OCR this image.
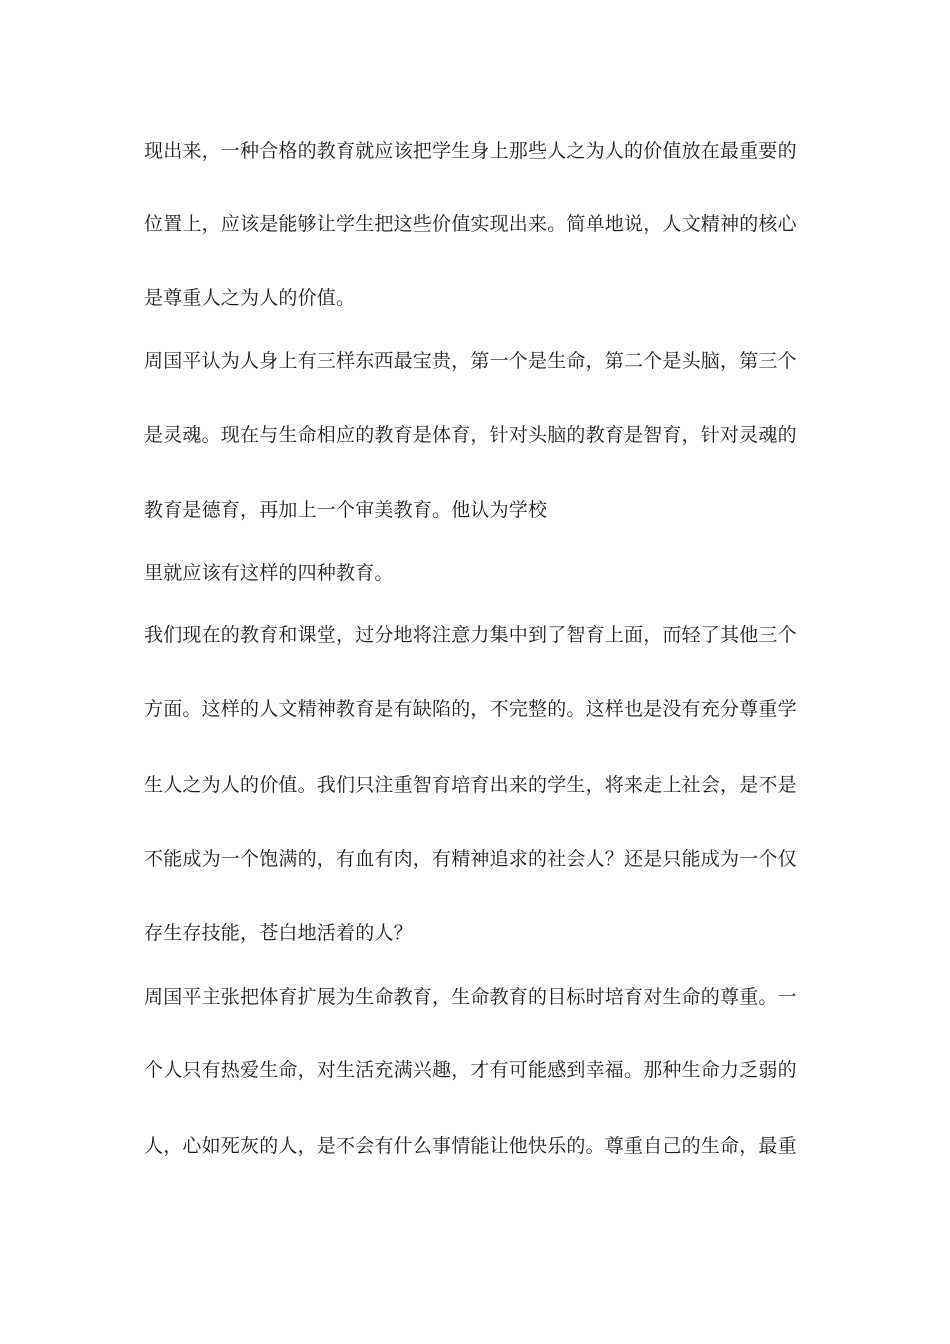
现出来，一种合格的教育就应该把学生身上那些人之为人的价值放在最重要的
位置上，应该是能够让学生把这些价值实现出来。简单地说，人文精神的核心
是尊重人之为人的价值。
周国平认为人身上有三样东西最宝贵，第一个是生命，第二个是头脑，第三个
是灵魂。现在与生命相应的教育是体育，针对头脑的教育是智育，针对灵魂的
教育是德育，再加上一个审美教育。他认为学校
里就应该有这样的四种教育。
我们现在的教育和课堂，过分地将注意力集中到了智育上面，而轻了其他三个
方面。这样的人文精神教育是有缺陷的，不完整的。这样也是没有充分尊重学
生人之为人的价值。我们只注重智育培育出来的学生，将来走上社会，是不是
不能成为一个饱满的，有血有肉，有精神追求的社会人？还是只能成为一个仅
存生存技能，苍白地活着的人？
周国平主张把体育扩展为生命教育，生命教育的目标时培育对生命的尊重。一
个人只有热爱生命，对生活充满兴趣，才有可能感到幸福。那种生命力乏弱的
人，心如死灰的人，是不会有什么事情能让他快乐的。尊重自己的生命，最重
